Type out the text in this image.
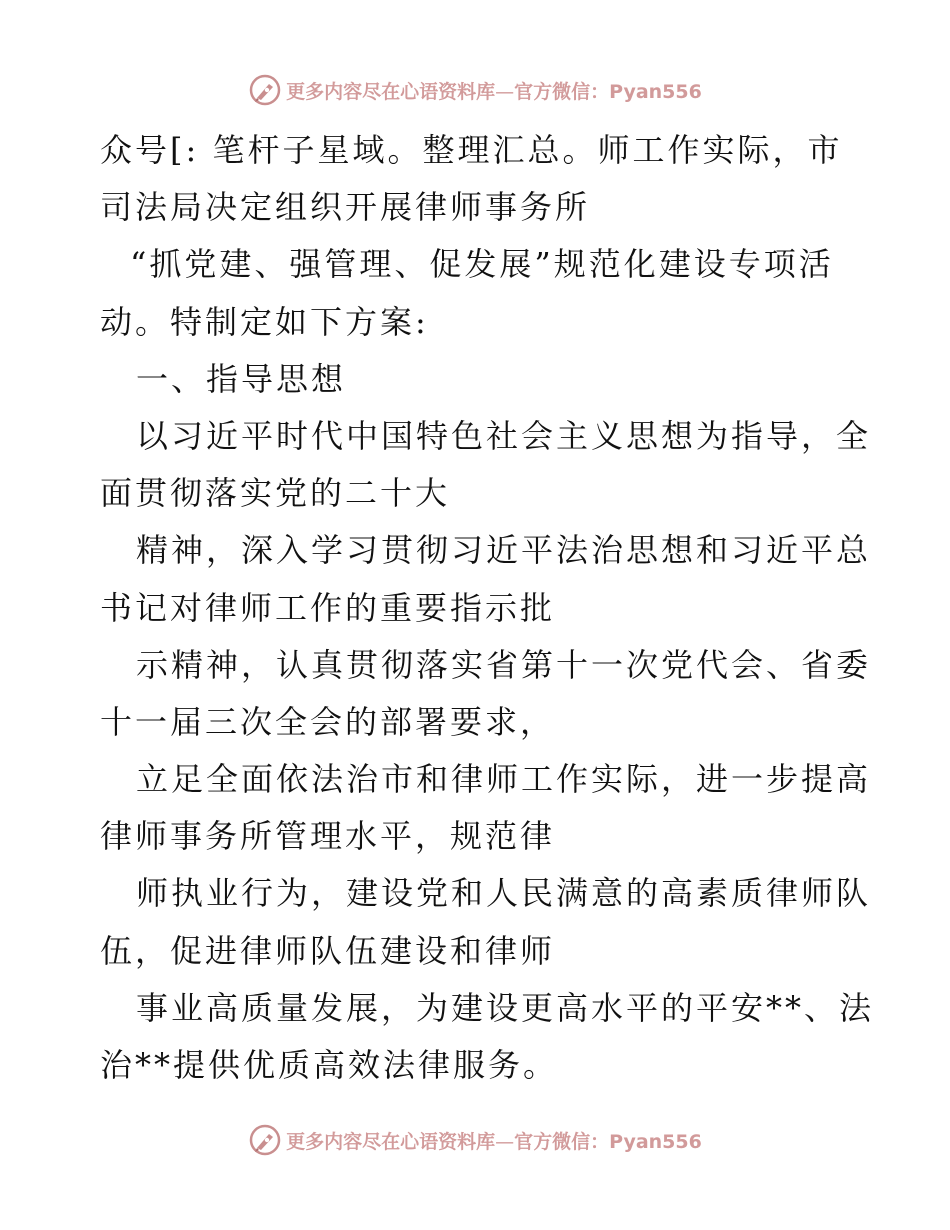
更多内容尽在心语资料库—官方微信：Pyan556
众号[: 笔杆子星域。整理汇总。师工作实际，市
司法局决定组织开展律师事务所
“抓党建、强管理、促发展”规范化建设专项活
动。特制定如下方案:
一、指导思想
以习近平时代中国特色社会主义思想为指导，全
面贯彻落实党的二十大
精神，深入学习贯彻习近平法治思想和习近平总
书记对律师工作的重要指示批
示精神，认真贯彻落实省第十一次党代会、省委
十一届三次全会的部署要求，
立足全面依法治市和律师工作实际，进一步提高
律师事务所管理水平，规范律
师执业行为，建设党和人民满意的高素质律师队
伍，促进律师队伍建设和律师
事业高质量发展，为建设更高水平的平安**、法
治**提供优质高效法律服务。
更多内容尽在心语资料库—官方微信：Pyan556
